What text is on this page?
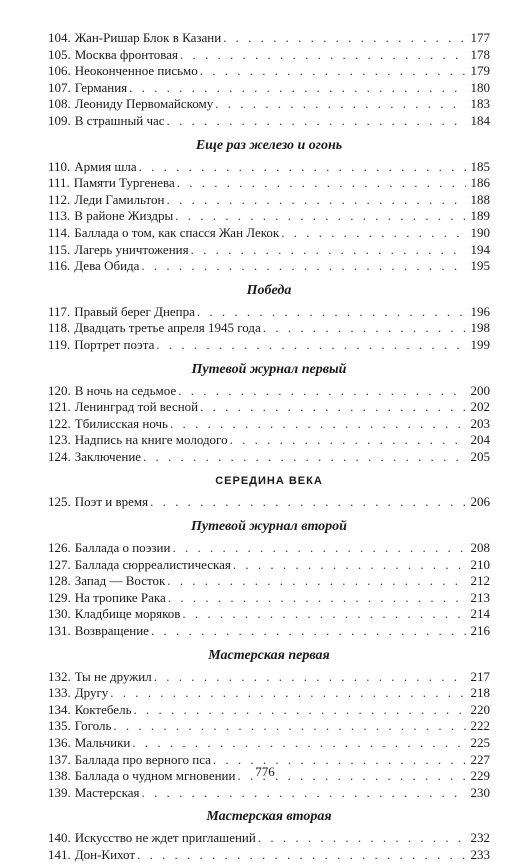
104. Жан-Ришар Блок в Казани . . .	177
105. Москва фронтовая . . .	178
106. Неоконченное письмо . . .	179
107. Германия . . .	180
108. Леониду Первомайскому . . .	183
109. В страшный час . . .	184
Еще раз железо и огонь
110. Армия шла . . .	185
111. Памяти Тургенева . . .	186
112. Леди Гамильтон . . .	188
113. В районе Жиздры . . .	189
114. Баллада о том, как спасся Жан Лекок . . .	190
115. Лагерь уничтожения . . .	194
116. Дева Обида . . .	195
Победа
117. Правый берег Днепра . . .	196
118. Двадцать третье апреля 1945 года . . .	198
119. Портрет поэта . . .	199
Путевой журнал первый
120. В ночь на седьмое . . .	200
121. Ленинград той весной . . .	202
122. Тбилисская ночь . . .	203
123. Надпись на книге молодого . . .	204
124. Заключение . . .	205
СЕРЕДИНА ВЕКА
125. Поэт и время . . .	206
Путевой журнал второй
126. Баллада о поэзии . . .	208
127. Баллада сюрреалистическая . . .	210
128. Запад — Восток . . .	212
129. На тропике Рака . . .	213
130. Кладбище моряков . . .	214
131. Возвращение . . .	216
Мастерская первая
132. Ты не дружил . . .	217
133. Другу . . .	218
134. Коктебель . . .	220
135. Гоголь . . .	222
136. Мальчики . . .	225
137. Баллада про верного пса . . .	227
138. Баллада о чудном мгновении . . .	229
139. Мастерская . . .	230
Мастерская вторая
140. Искусство не ждет приглашений . . .	232
141. Дон-Кихот . . .	233
776
